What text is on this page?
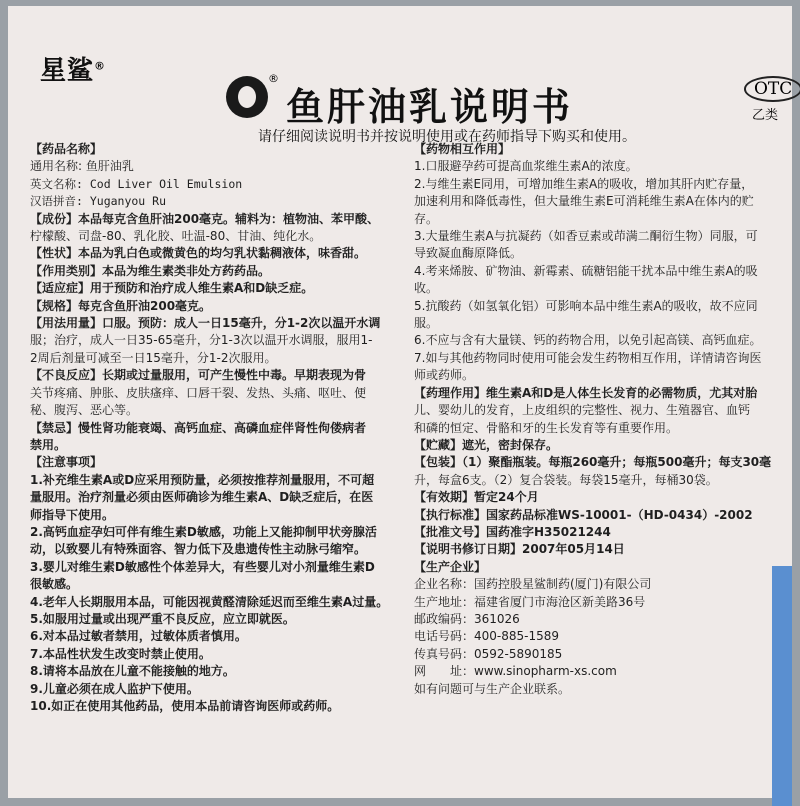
星鲨®
®
鱼肝油乳说明书	OTC
乙类
请仔细阅读说明书并按说明使用或在药师指导下购买和使用。
【药品名称】
通用名称: 鱼肝油乳
英文名称: Cod Liver Oil Emulsion
汉语拼音: Yuganyou Ru
【成份】本品每克含鱼肝油200毫克。辅料为：植物油、苯甲酸、
柠檬酸、司盘-80、乳化胶、吐温-80、甘油、纯化水。
【性状】本品为乳白色或微黄色的均匀乳状黏稠液体，味香甜。
【作用类别】本品为维生素类非处方药药品。
【适应症】用于预防和治疗成人维生素A和D缺乏症。
【规格】每克含鱼肝油200毫克。
【用法用量】口服。预防：成人一日15毫升，分1-2次以温开水调
服；治疗，成人一日35-65毫升，分1-3次以温开水调服，服用1-
2周后剂量可减至一日15毫升，分1-2次服用。
【不良反应】长期或过量服用，可产生慢性中毒。早期表现为骨
关节疼痛、肿胀、皮肤瘙痒、口唇干裂、发热、头痛、呕吐、便
秘、腹泻、恶心等。
【禁忌】慢性肾功能衰竭、高钙血症、高磷血症伴肾性佝偻病者
禁用。
【注意事项】
1.补充维生素A或D应采用预防量，必须按推荐剂量服用，不可超
量服用。治疗剂量必须由医师确诊为维生素A、D缺乏症后，在医
师指导下使用。
2.高钙血症孕妇可伴有维生素D敏感，功能上又能抑制甲状旁腺活
动，以致婴儿有特殊面容、智力低下及患遗传性主动脉弓缩窄。
3.婴儿对维生素D敏感性个体差异大，有些婴儿对小剂量维生素D
很敏感。
4.老年人长期服用本品，可能因视黄醛清除延迟而至维生素A过量。
5.如服用过量或出现严重不良反应，应立即就医。
6.对本品过敏者禁用，过敏体质者慎用。
7.本品性状发生改变时禁止使用。
8.请将本品放在儿童不能接触的地方。
9.儿童必须在成人监护下使用。
10.如正在使用其他药品，使用本品前请咨询医师或药师。
【药物相互作用】
1.口服避孕药可提高血浆维生素A的浓度。
2.与维生素E同用，可增加维生素A的吸收，增加其肝内贮存量，
加速利用和降低毒性，但大量维生素E可消耗维生素A在体内的贮
存。
3.大量维生素A与抗凝药（如香豆素或茚满二酮衍生物）同服，可
导致凝血酶原降低。
4.考来烯胺、矿物油、新霉素、硫糖铝能干扰本品中维生素A的吸
收。
5.抗酸药（如氢氧化铝）可影响本品中维生素A的吸收，故不应同
服。
6.不应与含有大量镁、钙的药物合用，以免引起高镁、高钙血症。
7.如与其他药物同时使用可能会发生药物相互作用，详情请咨询医
师或药师。
【药理作用】维生素A和D是人体生长发育的必需物质，尤其对胎
儿、婴幼儿的发育，上皮组织的完整性、视力、生殖器官、血钙
和磷的恒定、骨骼和牙的生长发育等有重要作用。
【贮藏】遮光，密封保存。
【包装】（1）聚酯瓶装。每瓶260毫升；每瓶500毫升；每支30毫
升，每盒6支。（2）复合袋装。每袋15毫升，每桶30袋。
【有效期】暂定24个月
【执行标准】国家药品标准WS-10001-（HD-0434）-2002
【批准文号】国药准字H35021244
【说明书修订日期】2007年05月14日
【生产企业】
企业名称：国药控股星鲨制药(厦门)有限公司
生产地址：福建省厦门市海沧区新美路36号
邮政编码：361026
电话号码：400-885-1589
传真号码：0592-5890185
网　　址：www.sinopharm-xs.com
如有问题可与生产企业联系。
